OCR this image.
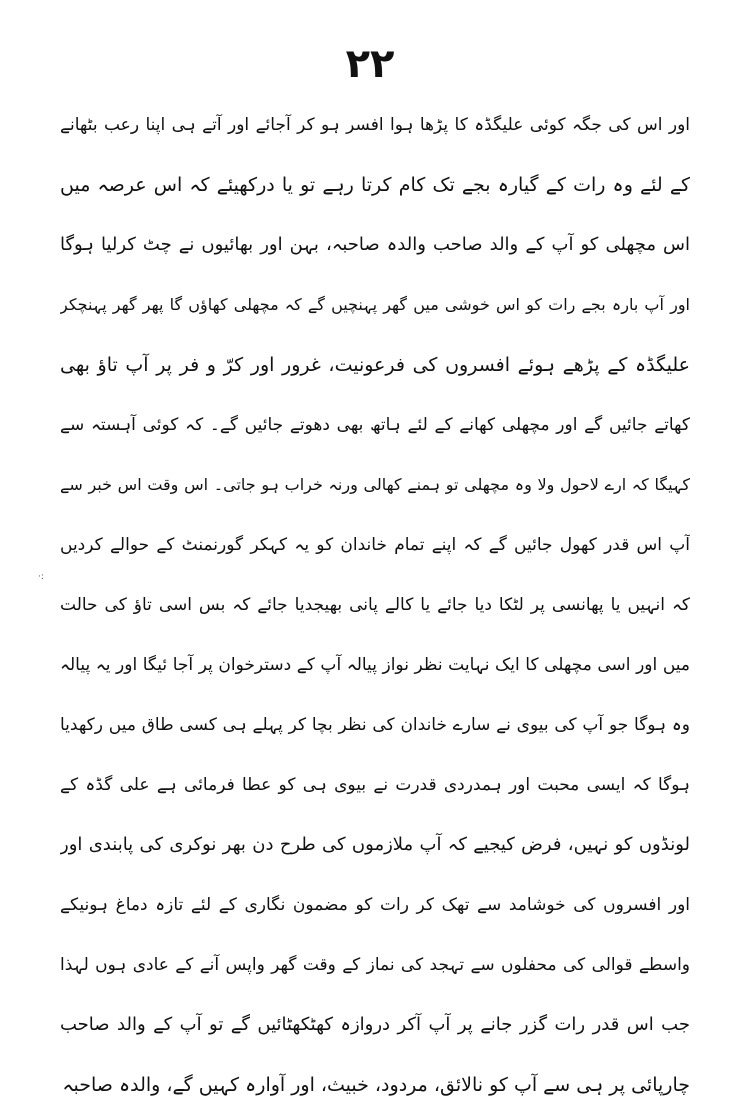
۲۲
·:
اور اس کی جگہ کوئی علیگڈہ کا پڑھا ہوا افسر ہو کر آجائے اور آتے ہی اپنا رعب بٹھانے
کے لئے وہ رات کے گیارہ بجے تک کام کرتا رہے تو یا درکھیئے کہ اس عرصہ میں
اس مچھلی کو آپ کے والد صاحب والدہ صاحبہ، بہن اور بھائیوں نے چٹ کرلیا ہوگا
اور آپ بارہ بجے رات کو اس خوشی میں گھر پہنچیں گے کہ مچھلی کھاؤں گا پھر گھر پہنچکر
علیگڈہ کے پڑھے ہوئے افسروں کی فرعونیت، غرور اور کرّ و فر پر آپ تاؤ بھی
کھاتے جائیں گے اور مچھلی کھانے کے لئے ہاتھ بھی دھوتے جائیں گے۔ کہ کوئی آہستہ سے
کہیگا کہ ارے لاحول ولا وہ مچھلی تو ہمنے کھالی ورنہ خراب ہو جاتی۔ اس وقت اس خبر سے
آپ اس قدر کھول جائیں گے کہ اپنے تمام خاندان کو یہ کہکر گورنمنٹ کے حوالے کردیں
کہ انہیں یا پھانسی پر لٹکا دیا جائے یا کالے پانی بھیجدیا جائے کہ بس اسی تاؤ کی حالت
میں اور اسی مچھلی کا ایک نہایت نظر نواز پیالہ آپ کے دسترخوان پر آجا ئیگا اور یہ پیالہ
وہ ہوگا جو آپ کی بیوی نے سارے خاندان کی نظر بچا کر پہلے ہی کسی طاق میں رکھدیا
ہوگا کہ ایسی محبت اور ہمدردی قدرت نے بیوی ہی کو عطا فرمائی ہے علی گڈہ کے
لونڈوں کو نہیں، فرض کیجیے کہ آپ ملازموں کی طرح دن بھر نوکری کی پابندی اور
اور افسروں کی خوشامد سے تھک کر رات کو مضمون نگاری کے لئے تازہ دماغ ہونیکے
واسطے قوالی کی محفلوں سے تہجد کی نماز کے وقت گھر واپس آنے کے عادی ہوں لہذا
جب اس قدر رات گزر جانے پر آپ آکر دروازہ کھٹکھٹائیں گے تو آپ کے والد صاحب
چارپائی پر ہی سے آپ کو نالائق، مردود، خبیث، اور آوارہ کہیں گے، والدہ صاحبہ
